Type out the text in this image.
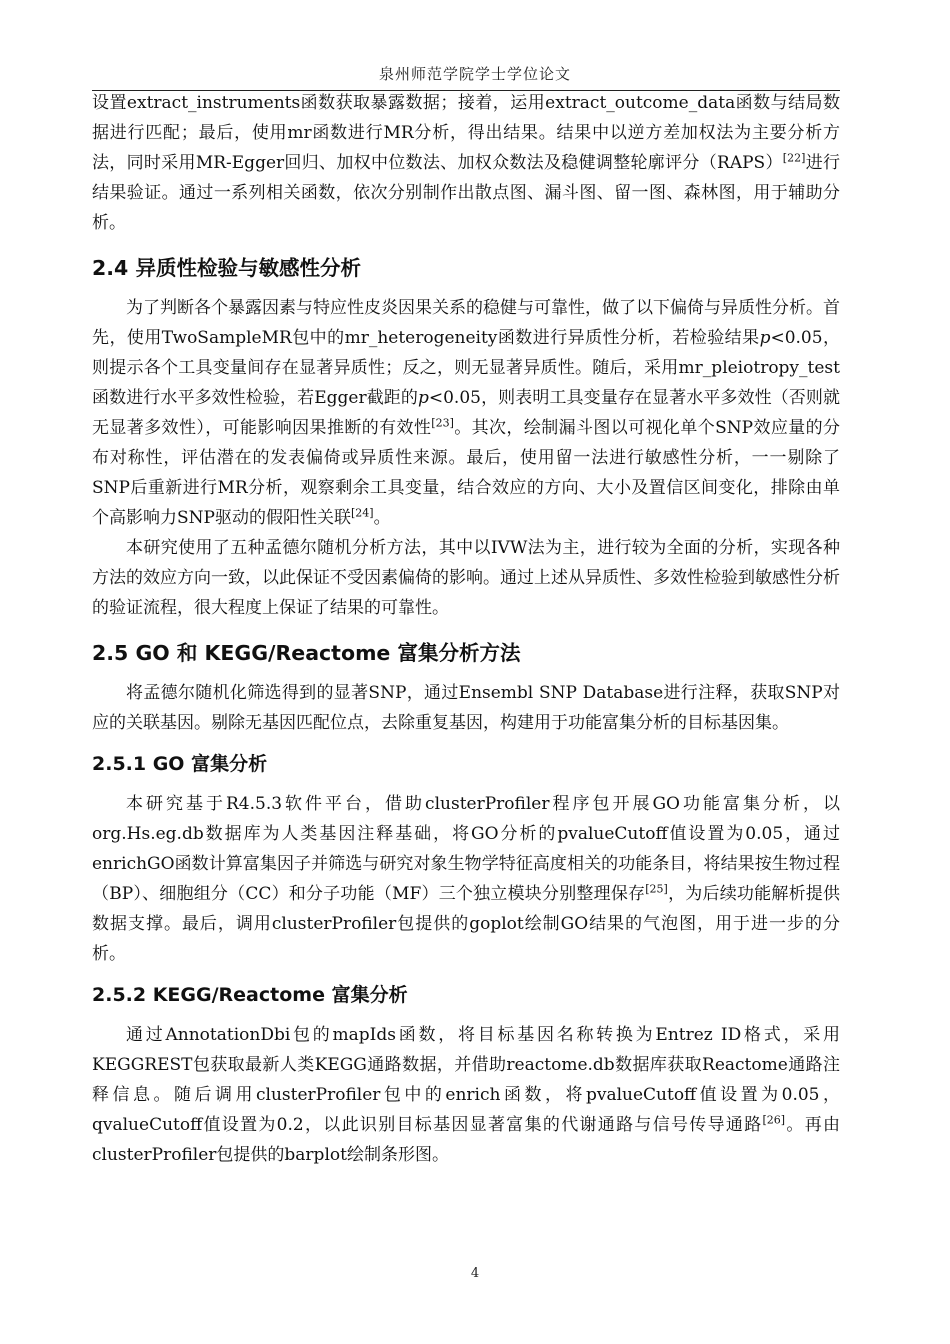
泉州师范学院学士学位论文

设置extract_instruments函数获取暴露数据；接着，运用extract_outcome_data函数与结局数据进行匹配；最后，使用mr函数进行MR分析，得出结果。结果中以逆方差加权法为主要分析方法，同时采用MR-Egger回归、加权中位数法、加权众数法及稳健调整轮廓评分（RAPS）[22]进行结果验证。通过一系列相关函数，依次分别制作出散点图、漏斗图、留一图、森林图，用于辅助分析。

2.4 异质性检验与敏感性分析

为了判断各个暴露因素与特应性皮炎因果关系的稳健与可靠性，做了以下偏倚与异质性分析。首先，使用TwoSampleMR包中的mr_heterogeneity函数进行异质性分析，若检验结果p<0.05，则提示各个工具变量间存在显著异质性；反之，则无显著异质性。随后，采用mr_pleiotropy_test函数进行水平多效性检验，若Egger截距的p<0.05，则表明工具变量存在显著水平多效性（否则就无显著多效性），可能影响因果推断的有效性[23]。其次，绘制漏斗图以可视化单个SNP效应量的分布对称性，评估潜在的发表偏倚或异质性来源。最后，使用留一法进行敏感性分析，一一剔除了SNP后重新进行MR分析，观察剩余工具变量，结合效应的方向、大小及置信区间变化，排除由单个高影响力SNP驱动的假阳性关联[24]。

本研究使用了五种孟德尔随机分析方法，其中以IVW法为主，进行较为全面的分析，实现各种方法的效应方向一致，以此保证不受因素偏倚的影响。通过上述从异质性、多效性检验到敏感性分析的验证流程，很大程度上保证了结果的可靠性。

2.5 GO 和 KEGG/Reactome 富集分析方法

将孟德尔随机化筛选得到的显著SNP，通过Ensembl SNP Database进行注释，获取SNP对应的关联基因。剔除无基因匹配位点，去除重复基因，构建用于功能富集分析的目标基因集。

2.5.1 GO 富集分析

本研究基于R4.5.3软件平台，借助clusterProfiler程序包开展GO功能富集分析，以org.Hs.eg.db数据库为人类基因注释基础，将GO分析的pvalueCutoff值设置为0.05，通过enrichGO函数计算富集因子并筛选与研究对象生物学特征高度相关的功能条目，将结果按生物过程（BP）、细胞组分（CC）和分子功能（MF）三个独立模块分别整理保存[25]，为后续功能解析提供数据支撑。最后，调用clusterProfiler包提供的goplot绘制GO结果的气泡图，用于进一步的分析。

2.5.2 KEGG/Reactome 富集分析

通过AnnotationDbi包的mapIds函数，将目标基因名称转换为Entrez ID格式，采用KEGGREST包获取最新人类KEGG通路数据，并借助reactome.db数据库获取Reactome通路注释信息。随后调用clusterProfiler包中的enrich函数，将pvalueCutoff值设置为0.05，qvalueCutoff值设置为0.2，以此识别目标基因显著富集的代谢通路与信号传导通路[26]。再由clusterProfiler包提供的barplot绘制条形图。

4
